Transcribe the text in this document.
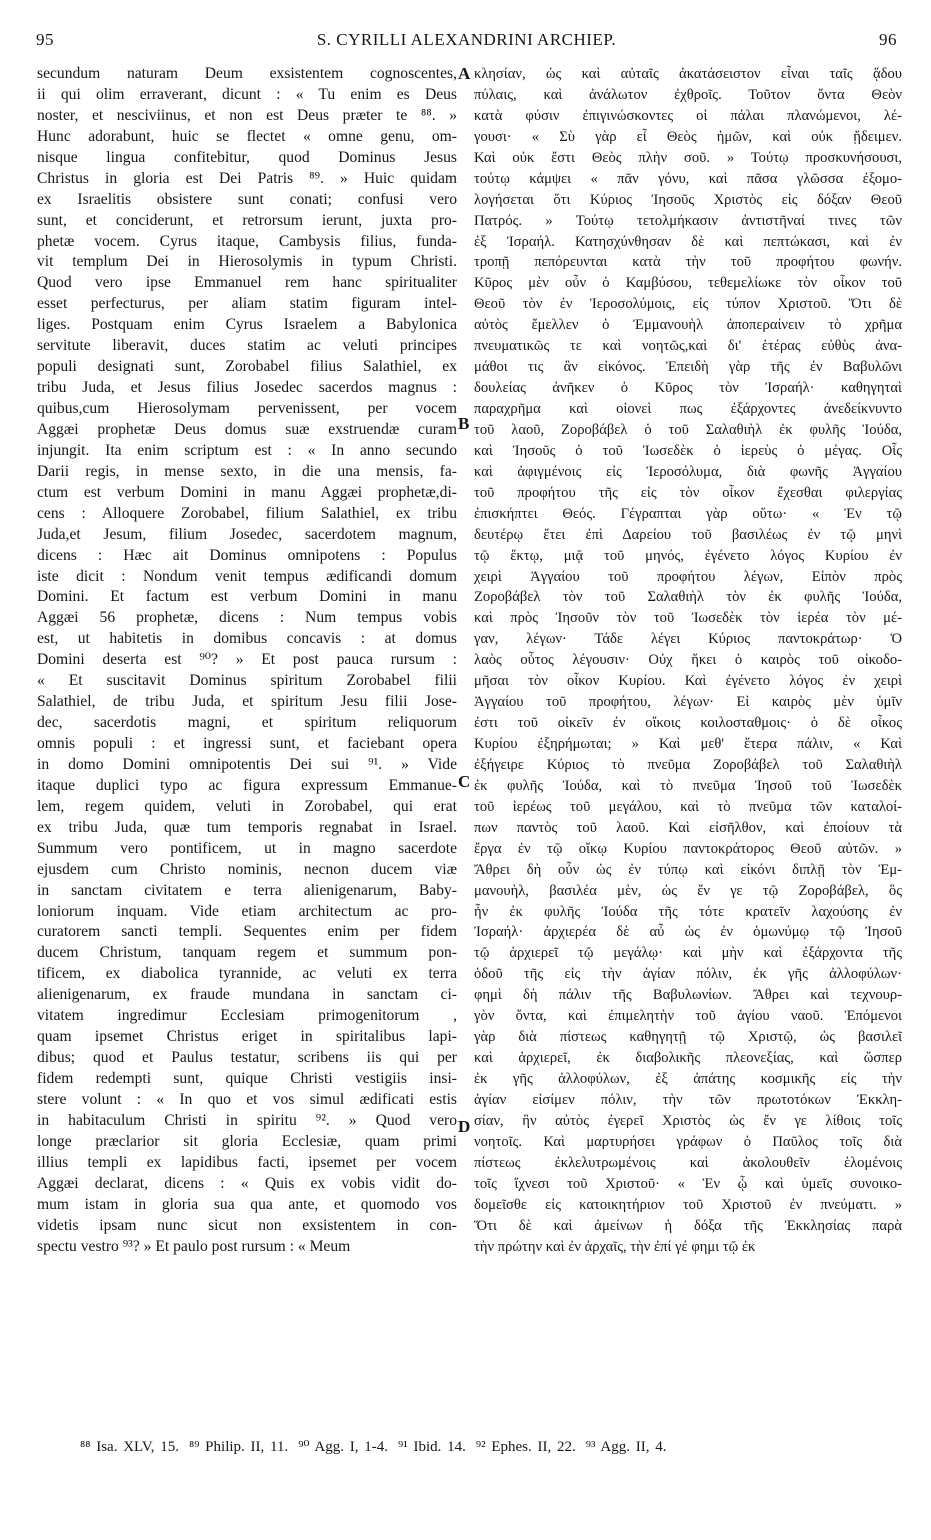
95	S. CYRILLI ALEXANDRINI ARCHIEP.	96
secundum naturam Deum exsistentem cognoscentes,
ii qui olim erraverant, dicunt : « Tu enim es Deus
noster, et nesciviinus, et non est Deus præter te ⁸⁸. »
Hunc adorabunt, huic se flectet « omne genu, om-
nisque lingua confitebitur, quod Dominus Jesus
Christus in gloria est Dei Patris ⁸⁹. » Huic quidam
ex Israelitis obsistere sunt conati; confusi vero
sunt, et conciderunt, et retrorsum ierunt, juxta pro-
phetæ vocem. Cyrus itaque, Cambysis filius, funda-
vit templum Dei in Hierosolymis in typum Christi.
Quod vero ipse Emmanuel rem hanc spiritualiter
esset perfecturus, per aliam statim figuram intel-
liges. Postquam enim Cyrus Israelem a Babylonica
servitute liberavit, duces statim ac veluti principes
populi designati sunt, Zorobabel filius Salathiel, ex
tribu Juda, et Jesus filius Josedec sacerdos magnus :
quibus,cum Hierosolymam pervenissent, per vocem
Aggæi prophetæ Deus domus suæ exstruendæ curam
injungit. Ita enim scriptum est : « In anno secundo
Darii regis, in mense sexto, in die una mensis, fa-
ctum est verbum Domini in manu Aggæi prophetæ,di-
cens : Alloquere Zorobabel, filium Salathiel, ex tribu
Juda,et Jesum, filium Josedec, sacerdotem magnum,
dicens : Hæc ait Dominus omnipotens : Populus
iste dicit : Nondum venit tempus ædificandi domum
Domini. Et factum est verbum Domini in manu
Aggæi 56 prophetæ, dicens : Num tempus vobis
est, ut habitetis in domibus concavis : at domus
Domini deserta est ⁹⁰? » Et post pauca rursum :
« Et suscitavit Dominus spiritum Zorobabel filii
Salathiel, de tribu Juda, et spiritum Jesu filii Jose-
dec, sacerdotis magni, et spiritum reliquorum
omnis populi : et ingressi sunt, et faciebant opera
in domo Domini omnipotentis Dei sui ⁹¹. » Vide
itaque duplici typo ac figura expressum Emmanue-
lem, regem quidem, veluti in Zorobabel, qui erat
ex tribu Juda, quæ tum temporis regnabat in Israel.
Summum vero pontificem, ut in magno sacerdote
ejusdem cum Christo nominis, necnon ducem viæ
in sanctam civitatem e terra alienigenarum, Baby-
loniorum inquam. Vide etiam architectum ac pro-
curatorem sancti templi. Sequentes enim per fidem
ducem Christum, tanquam regem et summum pon-
tificem, ex diabolica tyrannide, ac veluti ex terra
alienigenarum, ex fraude mundana in sanctam ci-
vitatem ingredimur Ecclesiam primogenitorum ,
quam ipsemet Christus eriget in spiritalibus lapi-
dibus; quod et Paulus testatur, scribens iis qui per
fidem redempti sunt, quique Christi vestigiis insi-
stere volunt : « In quo et vos simul ædificati estis
in habitaculum Christi in spiritu ⁹². » Quod vero
longe præclarior sit gloria Ecclesiæ, quam primi
illius templi ex lapidibus facti, ipsemet per vocem
Aggæi declarat, dicens : « Quis ex vobis vidit do-
mum istam in gloria sua qua ante, et quomodo vos
videtis ipsam nunc sicut non exsistentem in con-
spectu vestro ⁹³? » Et paulo post rursum : « Meum
κλησίαν, ὡς καὶ αὐταῖς ἀκατάσειστον εἶναι ταῖς ᾅδου
πύλαις, καὶ ἀνάλωτον ἐχθροῖς. Τοῦτον ὄντα Θεὸν
κατὰ φύσιν ἐπιγινώσκοντες οἱ πάλαι πλανώμενοι, λέ-
γουσι· « Σὺ γὰρ εἶ Θεὸς ἡμῶν, καὶ οὐκ ᾔδειμεν.
Καὶ οὐκ ἔστι Θεὸς πλὴν σοῦ. » Τούτῳ προσκυνήσουσι,
τούτῳ κάμψει « πᾶν γόνυ, καὶ πᾶσα γλῶσσα ἐξομο-
λογήσεται ὅτι Κύριος Ἰησοῦς Χριστὸς εἰς δόξαν Θεοῦ
Πατρός. » Τούτῳ τετολμήκασιν ἀντιστῆναί τινες τῶν
ἐξ Ἰσραήλ. Κατησχύνθησαν δὲ καὶ πεπτώκασι, καὶ ἐν
τροπῇ πεπόρευνται κατὰ τὴν τοῦ προφήτου φωνήν.
Κῦρος μὲν οὖν ὁ Καμβύσου, τεθεμελίωκε τὸν οἶκον τοῦ
Θεοῦ τὸν ἐν Ἱεροσολύμοις, εἰς τύπον Χριστοῦ. Ὅτι δὲ
αὐτὸς ἔμελλεν ὁ Ἐμμανουὴλ ἀποπεραίνειν τὸ χρῆμα
πνευματικῶς τε καὶ νοητῶς,καὶ δι' ἑτέρας εὐθὺς ἀνα-
μάθοι τις ἂν εἰκόνος. Ἐπειδὴ γὰρ τῆς ἐν Βαβυλῶνι
δουλείας ἀνῆκεν ὁ Κῦρος τὸν Ἰσραήλ· καθηγηταὶ
παραχρῆμα καὶ οἱονεὶ πως ἐξάρχοντες ἀνεδείκνυντο
τοῦ λαοῦ, Ζοροβάβελ ὁ τοῦ Σαλαθιὴλ ἐκ φυλῆς Ἰούδα,
καὶ Ἰησοῦς ὁ τοῦ Ἰωσεδὲκ ὁ ἱερεὺς ὁ μέγας. Οἷς
καὶ ἀφιγμένοις εἰς Ἱεροσόλυμα, διὰ φωνῆς Ἀγγαίου
τοῦ προφήτου τῆς εἰς τὸν οἶκον ἔχεσθαι φιλεργίας
ἐπισκήπτει Θεός. Γέγραπται γὰρ οὕτω· « Ἐν τῷ
δευτέρῳ ἔτει ἐπὶ Δαρείου τοῦ βασιλέως ἐν τῷ μηνὶ
τῷ ἕκτῳ, μιᾷ τοῦ μηνός, ἐγένετο λόγος Κυρίου ἐν
χειρὶ Ἀγγαίου τοῦ προφήτου λέγων, Εἰπὸν πρὸς
Ζοροβάβελ τὸν τοῦ Σαλαθιὴλ τὸν ἐκ φυλῆς Ἰούδα,
καὶ πρὸς Ἰησοῦν τὸν τοῦ Ἰωσεδὲκ τὸν ἱερέα τὸν μέ-
γαν, λέγων· Τάδε λέγει Κύριος παντοκράτωρ· Ὁ
λαὸς οὗτος λέγουσιν· Οὐχ ἥκει ὁ καιρὸς τοῦ οἰκοδο-
μῆσαι τὸν οἶκον Κυρίου. Καὶ ἐγένετο λόγος ἐν χειρὶ
Ἀγγαίου τοῦ προφήτου, λέγων· Εἰ καιρὸς μὲν ὑμῖν
ἐστι τοῦ οἰκεῖν ἐν οἴκοις κοιλοσταθμοις· ὁ δὲ οἶκος
Κυρίου ἐξηρήμωται; » Καὶ μεθ' ἕτερα πάλιν, « Καὶ
ἐξήγειρε Κύριος τὸ πνεῦμα Ζοροβάβελ τοῦ Σαλαθιὴλ
ἐκ φυλῆς Ἰούδα, καὶ τὸ πνεῦμα Ἰησοῦ τοῦ Ἰωσεδὲκ
τοῦ ἱερέως τοῦ μεγάλου, καὶ τὸ πνεῦμα τῶν καταλοί-
πων παντὸς τοῦ λαοῦ. Καὶ εἰσῆλθον, καὶ ἐποίουν τὰ
ἔργα ἐν τῷ οἴκῳ Κυρίου παντοκράτορος Θεοῦ αὐτῶν. »
Ἄθρει δὴ οὖν ὡς ἐν τύπῳ καὶ εἰκόνι διπλῇ τὸν Ἐμ-
μανουὴλ, βασιλέα μὲν, ὡς ἔν γε τῷ Ζοροβάβελ, ὃς
ἦν ἐκ φυλῆς Ἰούδα τῆς τότε κρατεῖν λαχούσης ἐν
Ἰσραήλ· ἀρχιερέα δὲ αὖ ὡς ἐν ὁμωνύμῳ τῷ Ἰησοῦ
τῷ ἀρχιερεῖ τῷ μεγάλῳ· καὶ μὴν καὶ ἐξάρχοντα τῆς
ὁδοῦ τῆς εἰς τὴν ἁγίαν πόλιν, ἐκ γῆς ἀλλοφύλων·
φημὶ δὴ πάλιν τῆς Βαβυλωνίων. Ἄθρει καὶ τεχνουρ-
γὸν ὄντα, καὶ ἐπιμελητὴν τοῦ ἁγίου ναοῦ. Ἑπόμενοι
γὰρ διὰ πίστεως καθηγητῇ τῷ Χριστῷ, ὡς βασιλεῖ
καὶ ἀρχιερεῖ, ἐκ διαβολικῆς πλεονεξίας, καὶ ὥσπερ
ἐκ γῆς ἀλλοφύλων, ἐξ ἀπάτης κοσμικῆς εἰς τὴν
ἁγίαν εἰσίμεν πόλιν, τὴν τῶν πρωτοτόκων Ἐκκλη-
σίαν, ἣν αὐτὸς ἐγερεῖ Χριστὸς ὡς ἔν γε λίθοις τοῖς
νοητοῖς. Καὶ μαρτυρήσει γράφων ὁ Παῦλος τοῖς διὰ
πίστεως ἐκλελυτρωμένοις καὶ ἀκολουθεῖν ἑλομένοις
τοῖς ἴχνεσι τοῦ Χριστοῦ· « Ἐν ᾧ καὶ ὑμεῖς συνοικο-
δομεῖσθε εἰς κατοικητήριον τοῦ Χριστοῦ ἐν πνεύματι. »
Ὅτι δὲ καὶ ἀμείνων ἡ δόξα τῆς Ἐκκλησίας παρὰ
τὴν πρώτην καὶ ἐν ἀρχαῖς, τὴν ἐπί γέ φημι τῷ ἐκ
A
B
C
D
⁸⁸ Isa. XLV, 15. ⁸⁹ Philip. II, 11. ⁹⁰ Agg. I, 1-4. ⁹¹ Ibid. 14. ⁹² Ephes. II, 22. ⁹³ Agg. II, 4.
